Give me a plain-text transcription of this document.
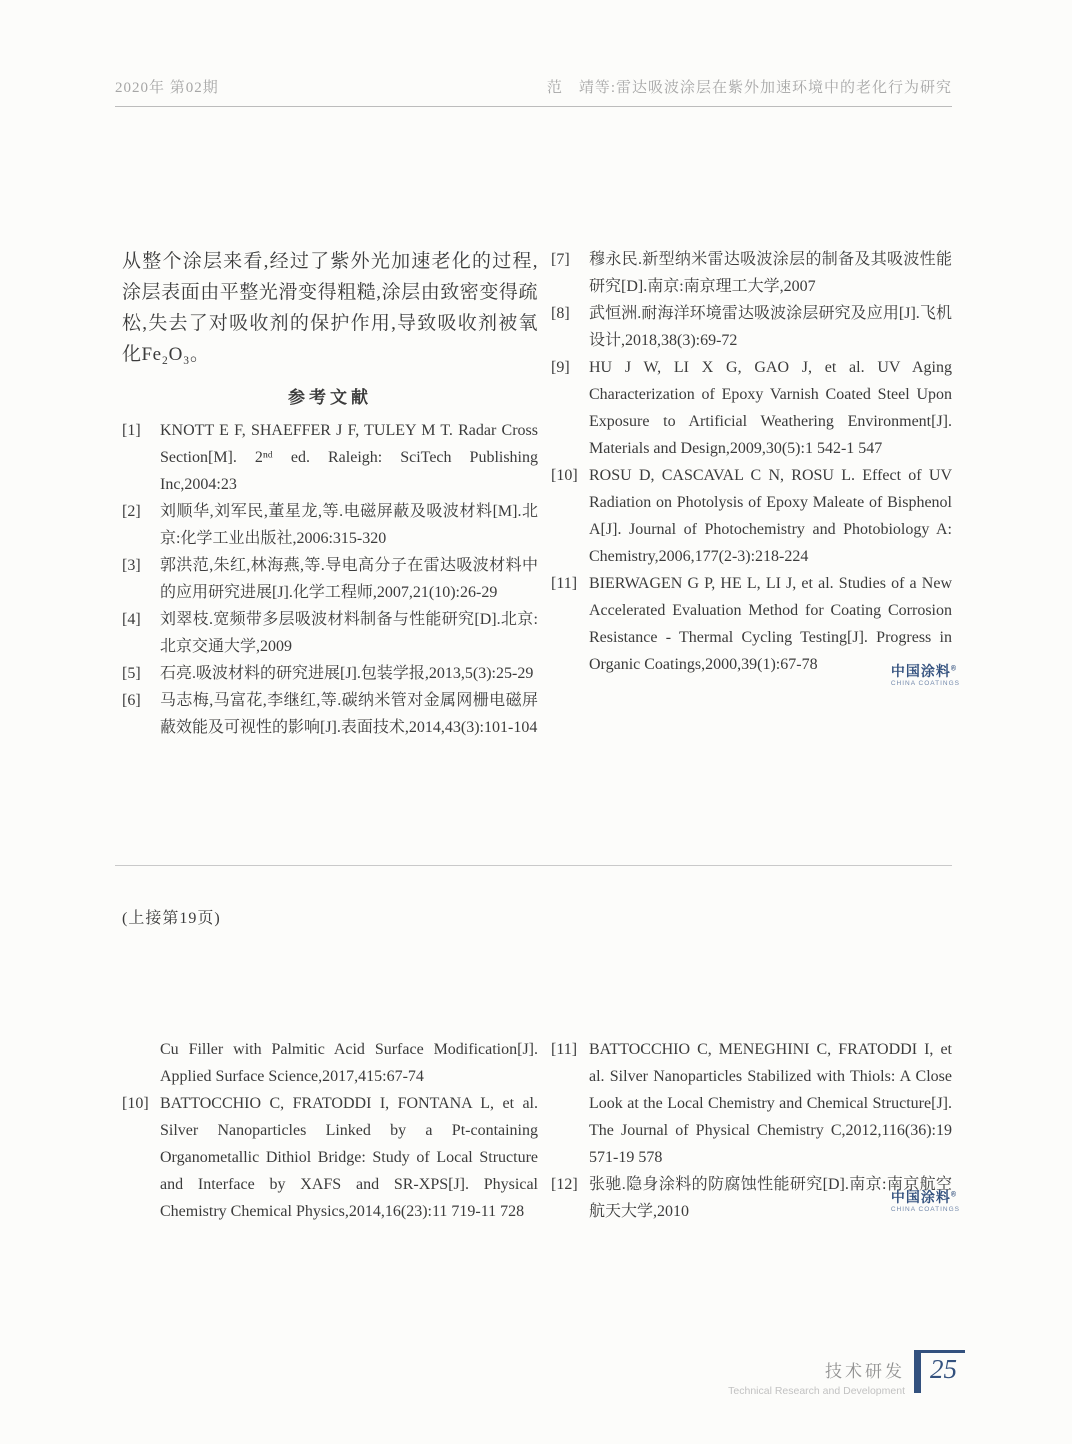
2020年 第02期	范　靖等:雷达吸波涂层在紫外加速环境中的老化行为研究

从整个涂层来看,经过了紫外光加速老化的过程,涂层表面由平整光滑变得粗糙,涂层由致密变得疏松,失去了对吸收剂的保护作用,导致吸收剂被氧化Fe₂O₃。

参考文献
[1]	KNOTT E F, SHAEFFER J F, TULEY M T. Radar Cross Section[M]. 2ⁿᵈ ed. Raleigh: SciTech Publishing Inc,2004:23
[2]	刘顺华,刘军民,董星龙,等.电磁屏蔽及吸波材料[M].北京:化学工业出版社,2006:315-320
[3]	郭洪范,朱红,林海燕,等.导电高分子在雷达吸波材料中的应用研究进展[J].化学工程师,2007,21(10):26-29
[4]	刘翠枝.宽频带多层吸波材料制备与性能研究[D].北京:北京交通大学,2009
[5]	石亮.吸波材料的研究进展[J].包装学报,2013,5(3):25-29
[6]	马志梅,马富花,李继红,等.碳纳米管对金属网栅电磁屏蔽效能及可视性的影响[J].表面技术,2014,43(3):101-104
[7]	穆永民.新型纳米雷达吸波涂层的制备及其吸波性能研究[D].南京:南京理工大学,2007
[8]	武恒洲.耐海洋环境雷达吸波涂层研究及应用[J].飞机设计,2018,38(3):69-72
[9]	HU J W, LI X G, GAO J, et al. UV Aging Characterization of Epoxy Varnish Coated Steel Upon Exposure to Artificial Weathering Environment[J]. Materials and Design,2009,30(5):1 542-1 547
[10] ROSU D, CASCAVAL C N, ROSU L. Effect of UV Radiation on Photolysis of Epoxy Maleate of Bisphenol A[J]. Journal of Photochemistry and Photobiology A: Chemistry,2006,177(2-3):218-224
[11] BIERWAGEN G P, HE L, LI J, et al. Studies of a New Accelerated Evaluation Method for Coating Corrosion Resistance - Thermal Cycling Testing[J]. Progress in Organic Coatings,2000,39(1):67-78	中国涂料®
CHINA COATINGS
(上接第19页)
Cu Filler with Palmitic Acid Surface Modification[J]. Applied Surface Science,2017,415:67-74
[10] BATTOCCHIO C, FRATODDI I, FONTANA L, et al. Silver Nanoparticles Linked by a Pt-containing Organometallic Dithiol Bridge: Study of Local Structure and Interface by XAFS and SR-XPS[J]. Physical Chemistry Chemical Physics,2014,16(23):11 719-11 728
[11] BATTOCCHIO C, MENEGHINI C, FRATODDI I, et al. Silver Nanoparticles Stabilized with Thiols: A Close Look at the Local Chemistry and Chemical Structure[J]. The Journal of Physical Chemistry C,2012,116(36):19 571-19 578
[12] 张驰.隐身涂料的防腐蚀性能研究[D].南京:南京航空航天大学,2010
中国涂料®
CHINA COATINGS
技术研发
Technical Research and Development
25
